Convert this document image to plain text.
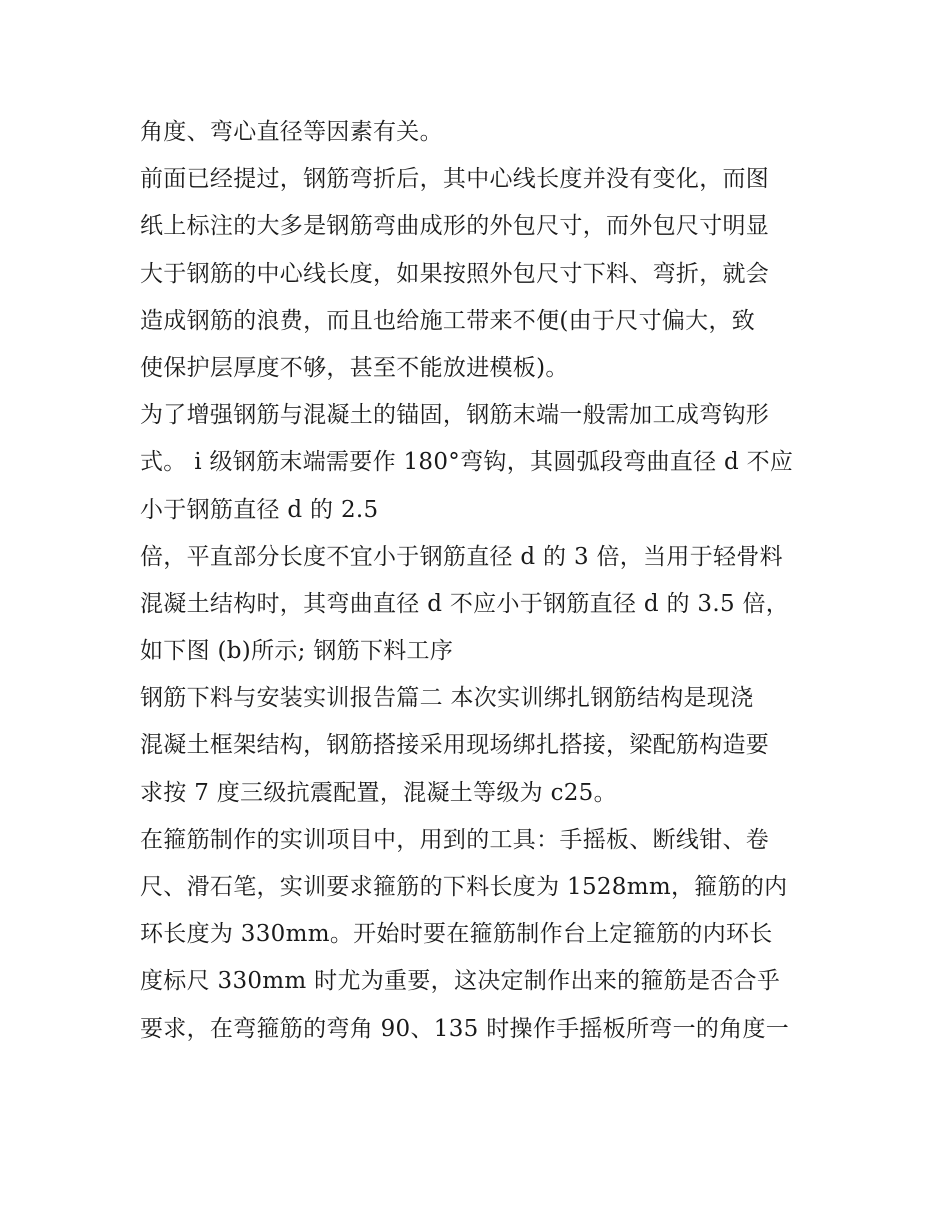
角度、弯心直径等因素有关。
前面已经提过，钢筋弯折后，其中心线长度并没有变化，而图
纸上标注的大多是钢筋弯曲成形的外包尺寸，而外包尺寸明显
大于钢筋的中心线长度，如果按照外包尺寸下料、弯折，就会
造成钢筋的浪费，而且也给施工带来不便(由于尺寸偏大，致
使保护层厚度不够，甚至不能放进模板)。
为了增强钢筋与混凝土的锚固，钢筋末端一般需加工成弯钩形
式。 i 级钢筋末端需要作 180°弯钩，其圆弧段弯曲直径 d 不应
小于钢筋直径 d 的 2.5
倍，平直部分长度不宜小于钢筋直径 d 的 3 倍，当用于轻骨料
混凝土结构时，其弯曲直径 d 不应小于钢筋直径 d 的 3.5 倍，
如下图 (b)所示; 钢筋下料工序
钢筋下料与安装实训报告篇二 本次实训绑扎钢筋结构是现浇
混凝土框架结构，钢筋搭接采用现场绑扎搭接，梁配筋构造要
求按 7 度三级抗震配置，混凝土等级为 c25。
在箍筋制作的实训项目中，用到的工具：手摇板、断线钳、卷
尺、滑石笔，实训要求箍筋的下料长度为 1528mm，箍筋的内
环长度为 330mm。开始时要在箍筋制作台上定箍筋的内环长
度标尺 330mm 时尤为重要，这决定制作出来的箍筋是否合乎
要求，在弯箍筋的弯角 90、135 时操作手摇板所弯一的角度一
